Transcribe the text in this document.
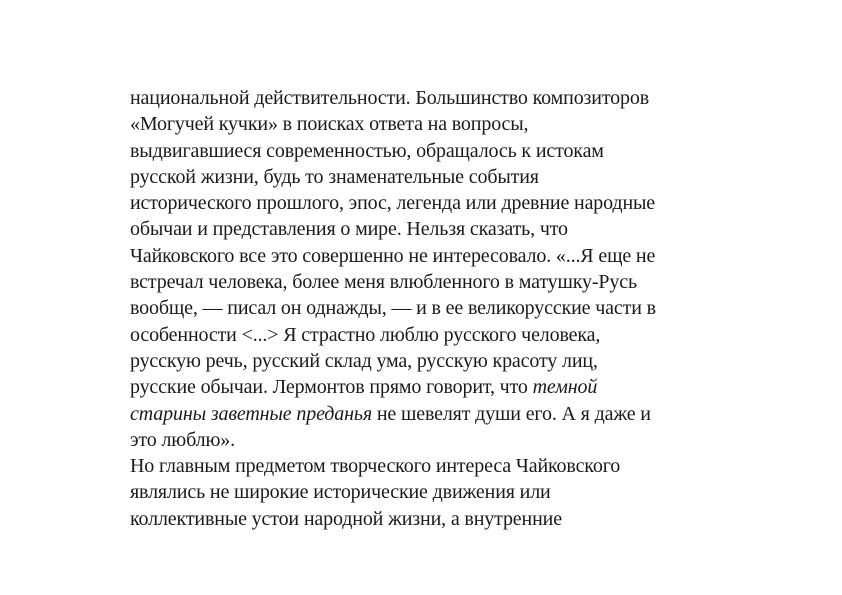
национальной действительности. Большинство композиторов
«Могучей кучки» в поисках ответа на вопросы,
выдвигавшиеся современностью, обращалось к истокам
русской жизни, будь то знаменательные события
исторического прошлого, эпос, легенда или древние народные
обычаи и представления о мире. Нельзя сказать, что
Чайковского все это совершенно не интересовало. «...Я еще не
встречал человека, более меня влюбленного в матушку-Русь
вообще, — писал он однажды, — и в ее великорусские части в
особенности <...> Я страстно люблю русского человека,
русскую речь, русский склад ума, русскую красоту лиц,
русские обычаи. Лермонтов прямо говорит, что темной
старины заветные преданья не шевелят души его. А я даже и
это люблю».
Но главным предметом творческого интереса Чайковского
являлись не широкие исторические движения или
коллективные устои народной жизни, а внутренние
